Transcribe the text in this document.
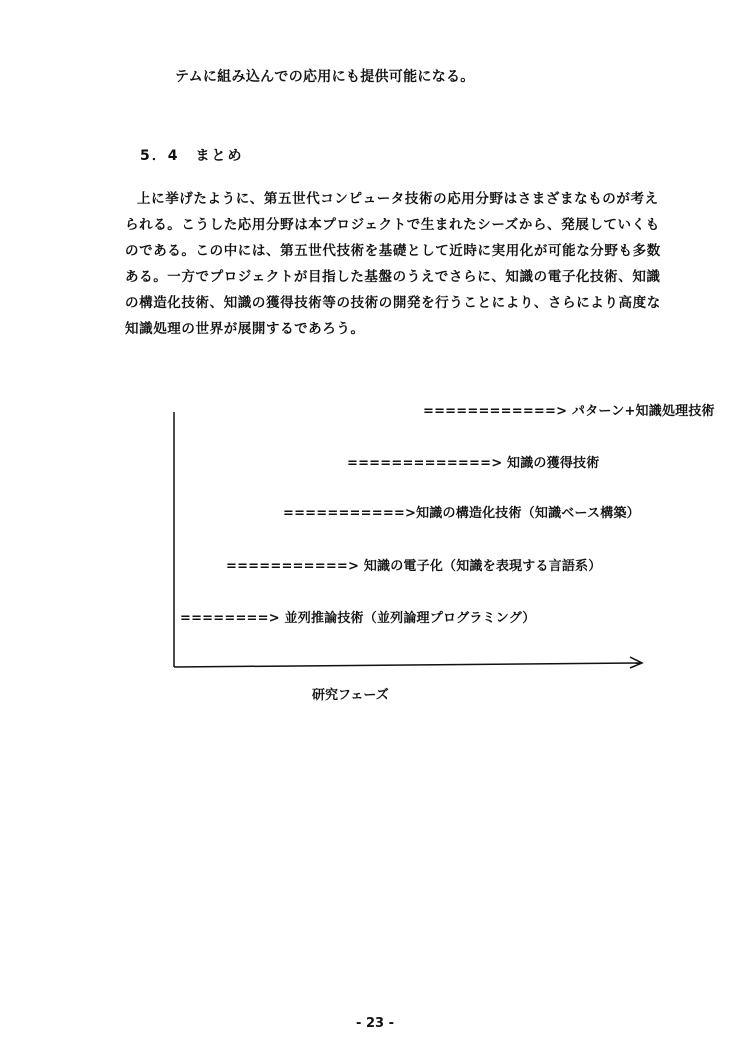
テムに組み込んでの応用にも提供可能になる。
5．4　まとめ
上に挙げたように、第五世代コンピュータ技術の応用分野はさまざまなものが考え
られる。こうした応用分野は本プロジェクトで生まれたシーズから、発展していくも
のである。この中には、第五世代技術を基礎として近時に実用化が可能な分野も多数
ある。一方でプロジェクトが目指した基盤のうえでさらに、知識の電子化技術、知識
の構造化技術、知識の獲得技術等の技術の開発を行うことにより、さらにより高度な
知識処理の世界が展開するであろう。
============> パターン+知識処理技術
=============> 知識の獲得技術
===========>知識の構造化技術（知識ベース構築）
===========> 知識の電子化（知識を表現する言語系）
========> 並列推論技術（並列論理プログラミング）
研究フェーズ
- 23 -
